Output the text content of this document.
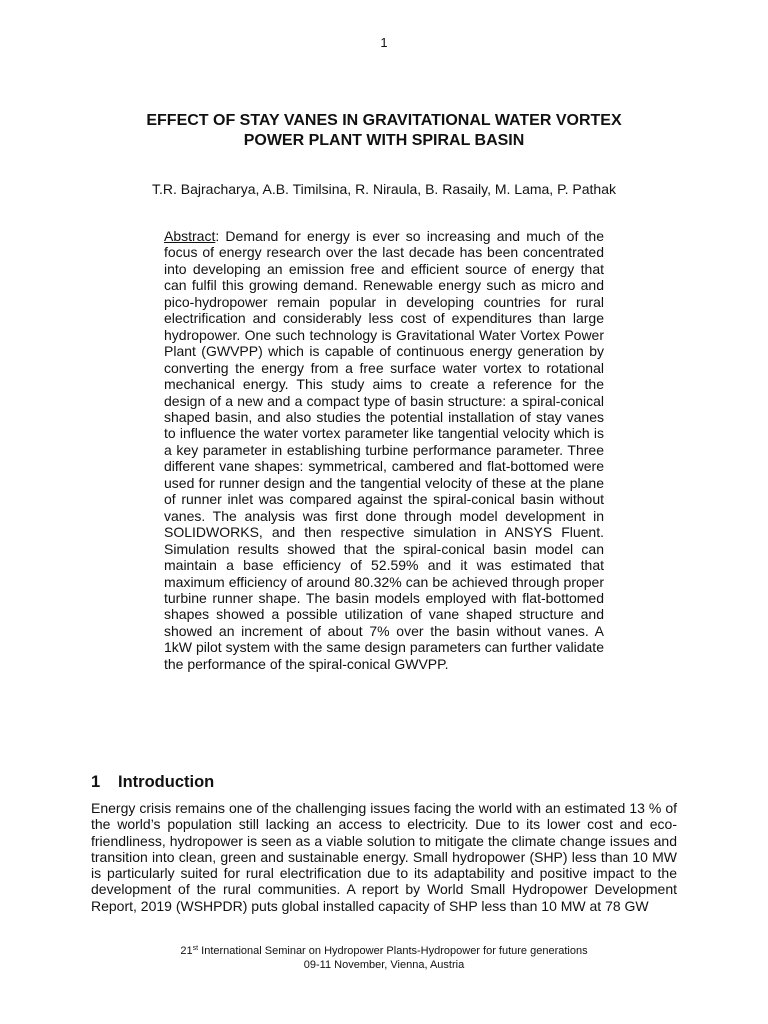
1
EFFECT OF STAY VANES IN GRAVITATIONAL WATER VORTEX
POWER PLANT WITH SPIRAL BASIN
T.R. Bajracharya, A.B. Timilsina, R. Niraula, B. Rasaily, M. Lama, P. Pathak
Abstract: Demand for energy is ever so increasing and much of the focus of energy research over the last decade has been concentrated into developing an emission free and efficient source of energy that can fulfil this growing demand. Renewable energy such as micro and pico-hydropower remain popular in developing countries for rural electrification and considerably less cost of expenditures than large hydropower. One such technology is Gravitational Water Vortex Power Plant (GWVPP) which is capable of continuous energy generation by converting the energy from a free surface water vortex to rotational mechanical energy. This study aims to create a reference for the design of a new and a compact type of basin structure: a spiral-conical shaped basin, and also studies the potential installation of stay vanes to influence the water vortex parameter like tangential velocity which is a key parameter in establishing turbine performance parameter. Three different vane shapes: symmetrical, cambered and flat-bottomed were used for runner design and the tangential velocity of these at the plane of runner inlet was compared against the spiral-conical basin without vanes. The analysis was first done through model development in SOLIDWORKS, and then respective simulation in ANSYS Fluent. Simulation results showed that the spiral-conical basin model can maintain a base efficiency of 52.59% and it was estimated that maximum efficiency of around 80.32% can be achieved through proper turbine runner shape. The basin models employed with flat-bottomed shapes showed a possible utilization of vane shaped structure and showed an increment of about 7% over the basin without vanes. A 1kW pilot system with the same design parameters can further validate the performance of the spiral-conical GWVPP.
1 Introduction
Energy crisis remains one of the challenging issues facing the world with an estimated 13 % of the world’s population still lacking an access to electricity. Due to its lower cost and eco-friendliness, hydropower is seen as a viable solution to mitigate the climate change issues and transition into clean, green and sustainable energy. Small hydropower (SHP) less than 10 MW is particularly suited for rural electrification due to its adaptability and positive impact to the development of the rural communities. A report by World Small Hydropower Development Report, 2019 (WSHPDR) puts global installed capacity of SHP less than 10 MW at 78 GW
21st International Seminar on Hydropower Plants-Hydropower for future generations
09-11 November, Vienna, Austria
